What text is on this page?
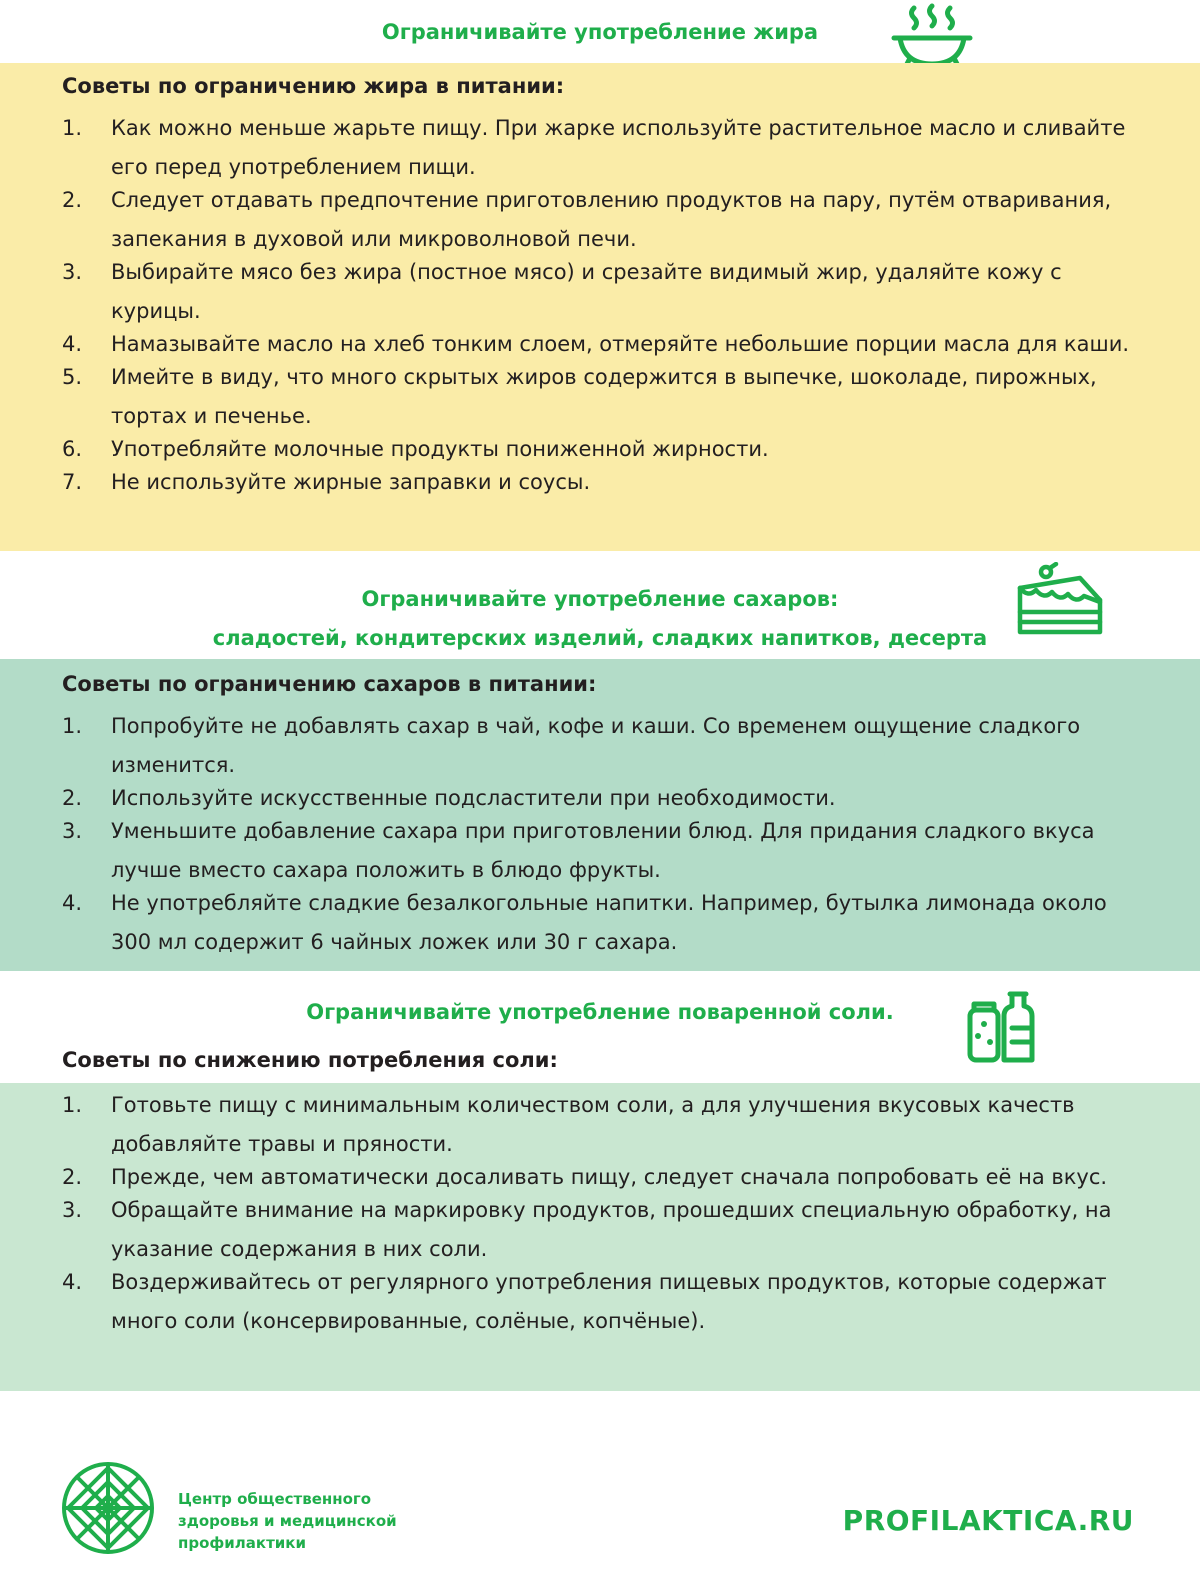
Ограничивайте употребление жира
Советы по ограничению жира в питании:
1. Как можно меньше жарьте пищу. При жарке используйте растительное масло и сливайте его перед употреблением пищи.
2. Следует отдавать предпочтение приготовлению продуктов на пару, путём отваривания, запекания в духовой или микроволновой печи.
3. Выбирайте мясо без жира (постное мясо) и срезайте видимый жир, удаляйте кожу с курицы.
4. Намазывайте масло на хлеб тонким слоем, отмеряйте небольшие порции масла для каши.
5. Имейте в виду, что много скрытых жиров содержится в выпечке, шоколаде, пирожных, тортах и печенье.
6. Употребляйте молочные продукты пониженной жирности.
7. Не используйте жирные заправки и соусы.
Ограничивайте употребление сахаров:
сладостей, кондитерских изделий, сладких напитков, десерта
Советы по ограничению сахаров в питании:
1. Попробуйте не добавлять сахар в чай, кофе и каши. Со временем ощущение сладкого изменится.
2. Используйте искусственные подсластители при необходимости.
3. Уменьшите добавление сахара при приготовлении блюд. Для придания сладкого вкуса лучше вместо сахара положить в блюдо фрукты.
4. Не употребляйте сладкие безалкогольные напитки. Например, бутылка лимонада около 300 мл содержит 6 чайных ложек или 30 г сахара.
Ограничивайте употребление поваренной соли.
Советы по снижению потребления соли:
1. Готовьте пищу с минимальным количеством соли, а для улучшения вкусовых качеств добавляйте травы и пряности.
2. Прежде, чем автоматически досаливать пищу, следует сначала попробовать её на вкус.
3. Обращайте внимание на маркировку продуктов, прошедших специальную обработку, на указание содержания в них соли.
4. Воздерживайтесь от регулярного употребления пищевых продуктов, которые содержат много соли (консервированные, солёные, копчёные).
Центр общественного
здоровья и медицинской
профилактики
PROFILAKTICA.RU
